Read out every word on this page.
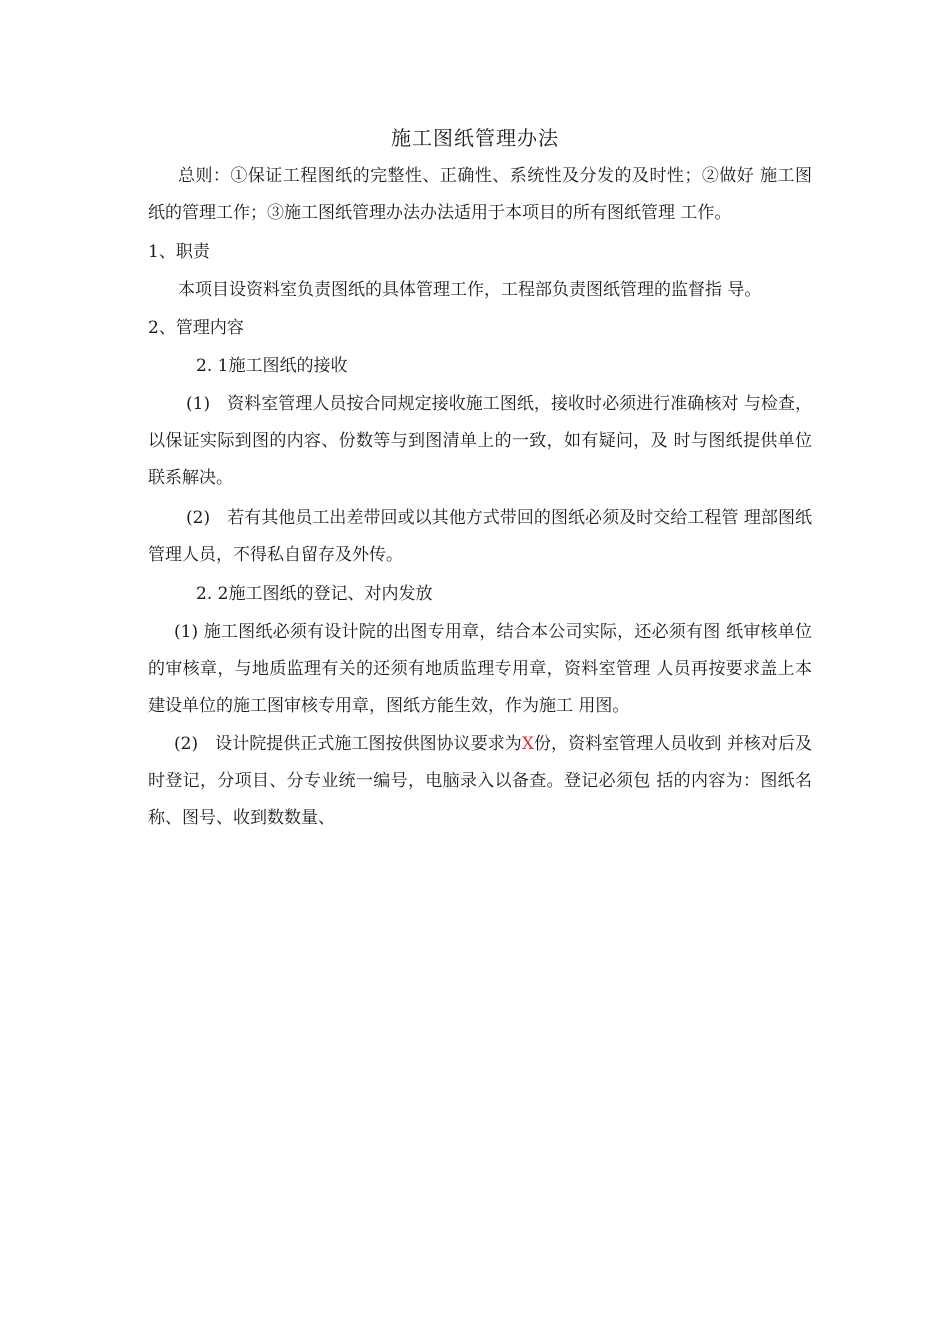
施工图纸管理办法

总则：①保证工程图纸的完整性、正确性、系统性及分发的及时性；②做好 施工图纸的管理工作；③施工图纸管理办法办法适用于本项目的所有图纸管理 工作。

1、职责

本项目设资料室负责图纸的具体管理工作，工程部负责图纸管理的监督指 导。

2、管理内容

2. 1施工图纸的接收

(1)　资料室管理人员按合同规定接收施工图纸，接收时必须进行准确核对 与检查，以保证实际到图的内容、份数等与到图清单上的一致，如有疑问，及 时与图纸提供单位联系解决。

(2)　若有其他员工出差带回或以其他方式带回的图纸必须及时交给工程管 理部图纸管理人员，不得私自留存及外传。

2. 2施工图纸的登记、对内发放

(1) 施工图纸必须有设计院的出图专用章，结合本公司实际，还必须有图 纸审核单位的审核章，与地质监理有关的还须有地质监理专用章，资料室管理 人员再按要求盖上本建设单位的施工图审核专用章，图纸方能生效，作为施工 用图。

(2)　设计院提供正式施工图按供图协议要求为X份，资料室管理人员收到 并核对后及时登记，分项目、分专业统一编号，电脑录入以备查。登记必须包 括的内容为：图纸名称、图号、收到数数量、
